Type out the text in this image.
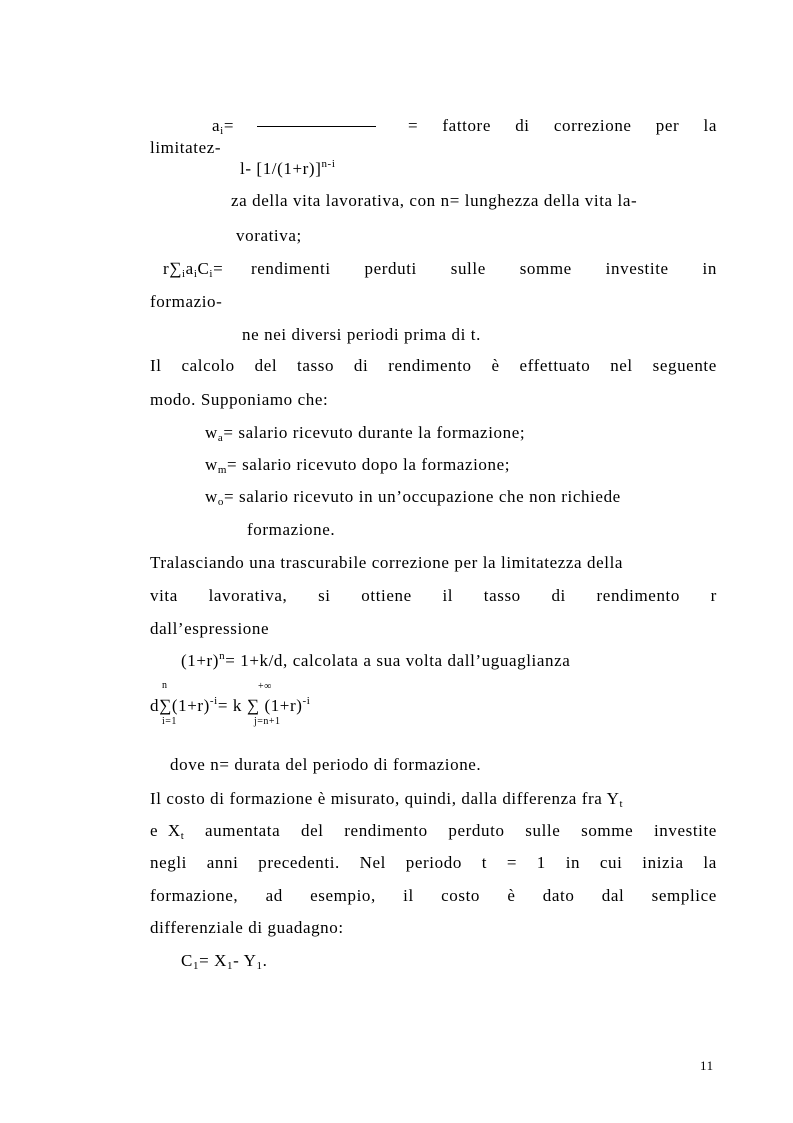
$a_i=$	= fattore di correzione per la
limitatez-
l- $[1/(1+r)]^{n-i}$
za della vita lavorativa, con n= lunghezza della vita la-
vorativa;
$r\sum_ia_iC_i=$ rendimenti perduti sulle somme investite in
formazio-
ne nei diversi periodi prima di t.
Il calcolo del tasso di rendimento è effettuato nel seguente
modo. Supponiamo che:
$w_a=$ salario ricevuto durante la formazione;
$w_m=$ salario ricevuto dopo la formazione;
$w_o=$ salario ricevuto in un’occupazione che non richiede
formazione.
Tralasciando una trascurabile correzione per la limitatezza della
vita lavorativa, si ottiene il tasso di rendimento r
dall’espressione
$(1+r)^n= 1+k/d$, calcolata a sua volta dall’uguaglianza
n
$d\sum(1+r)^{-i}= k$ ∑ $(1+r)^{-i}$
i=1
+∞
j=n+1
dove n= durata del periodo di formazione.
Il costo di formazione è misurato, quindi, dalla differenza fra $Y_t$
e $X_t$ aumentata del rendimento perduto sulle somme investite
negli anni precedenti. Nel periodo t = 1 in cui inizia la
formazione, ad esempio, il costo è dato dal semplice
differenziale di guadagno:
$C_1= X_1-$ $Y_1$.
11
